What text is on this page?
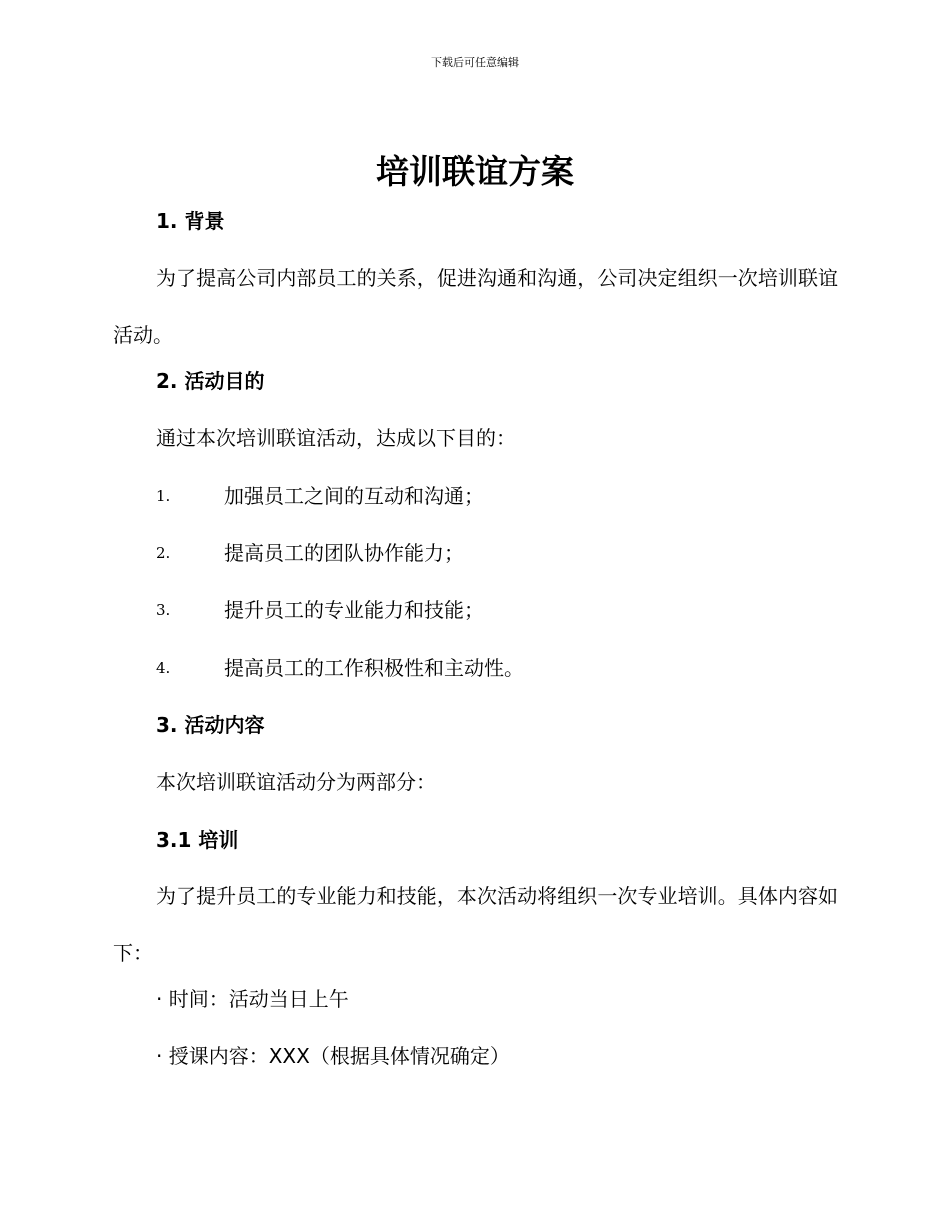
下载后可任意编辑
培训联谊方案
1. 背景

为了提高公司内部员工的关系，促进沟通和沟通，公司决定组织一次培训联谊活动。

2. 活动目的

通过本次培训联谊活动，达成以下目的：

1.	加强员工之间的互动和沟通；
2.	提高员工的团队协作能力；
3.	提升员工的专业能力和技能；
4.	提高员工的工作积极性和主动性。
3. 活动内容

本次培训联谊活动分为两部分：

3.1 培训

为了提升员工的专业能力和技能，本次活动将组织一次专业培训。具体内容如下：

· 时间：活动当日上午

· 授课内容：XXX（根据具体情况确定）
